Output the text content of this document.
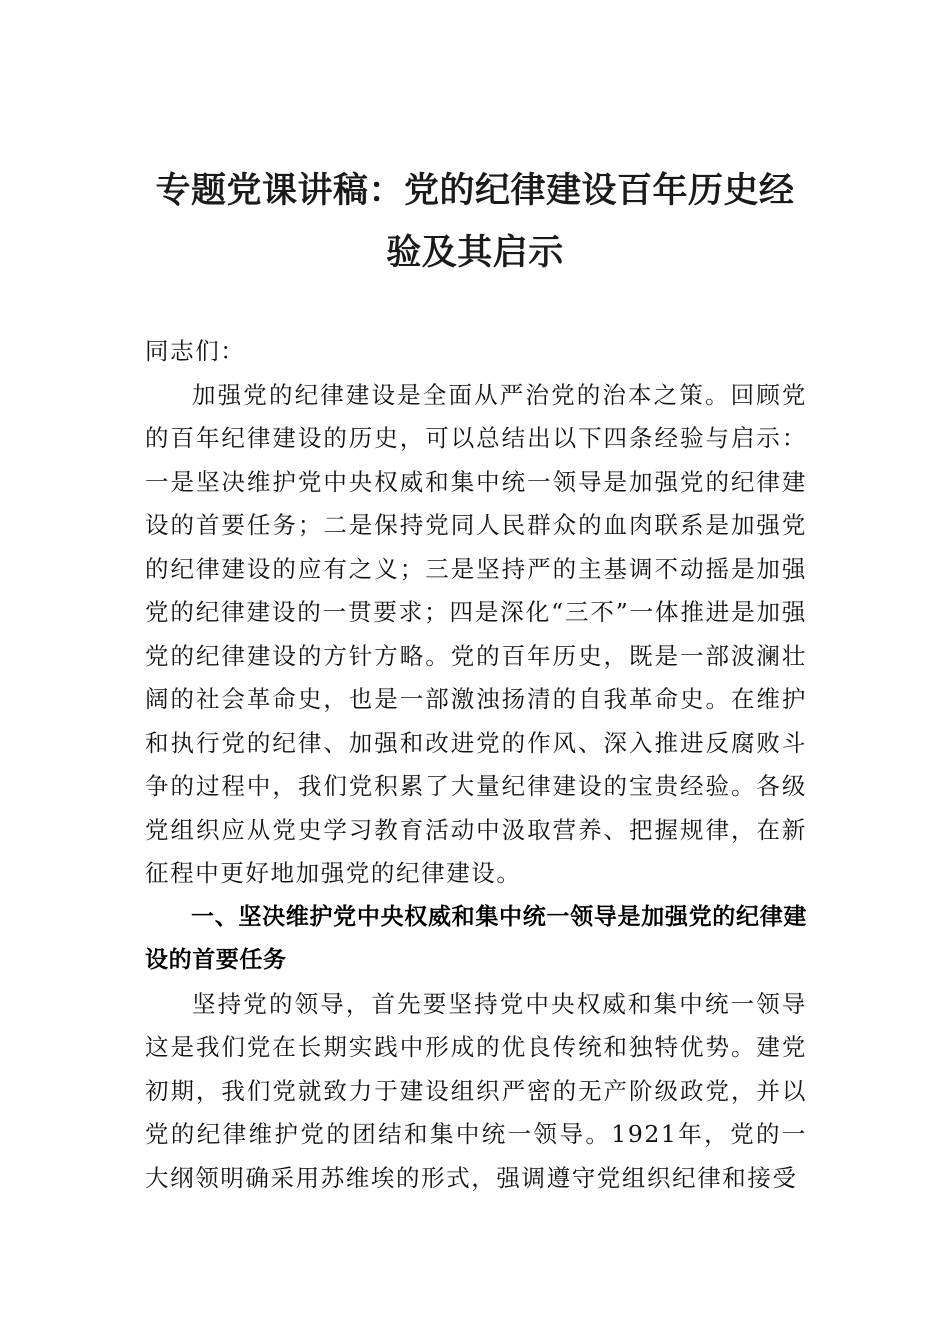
专题党课讲稿：党的纪律建设百年历史经
验及其启示

同志们：

加强党的纪律建设是全面从严治党的治本之策。回顾党的百年纪律建设的历史，可以总结出以下四条经验与启示：一是坚决维护党中央权威和集中统一领导是加强党的纪律建设的首要任务；二是保持党同人民群众的血肉联系是加强党的纪律建设的应有之义；三是坚持严的主基调不动摇是加强党的纪律建设的一贯要求；四是深化“三不”一体推进是加强党的纪律建设的方针方略。党的百年历史，既是一部波澜壮阔的社会革命史，也是一部激浊扬清的自我革命史。在维护和执行党的纪律、加强和改进党的作风、深入推进反腐败斗争的过程中，我们党积累了大量纪律建设的宝贵经验。各级党组织应从党史学习教育活动中汲取营养、把握规律，在新征程中更好地加强党的纪律建设。

一、坚决维护党中央权威和集中统一领导是加强党的纪律建设的首要任务

坚持党的领导，首先要坚持党中央权威和集中统一领导这是我们党在长期实践中形成的优良传统和独特优势。建党初期，我们党就致力于建设组织严密的无产阶级政党，并以党的纪律维护党的团结和集中统一领导。1921年，党的一大纲领明确采用苏维埃的形式，强调遵守党组织纪律和接受
